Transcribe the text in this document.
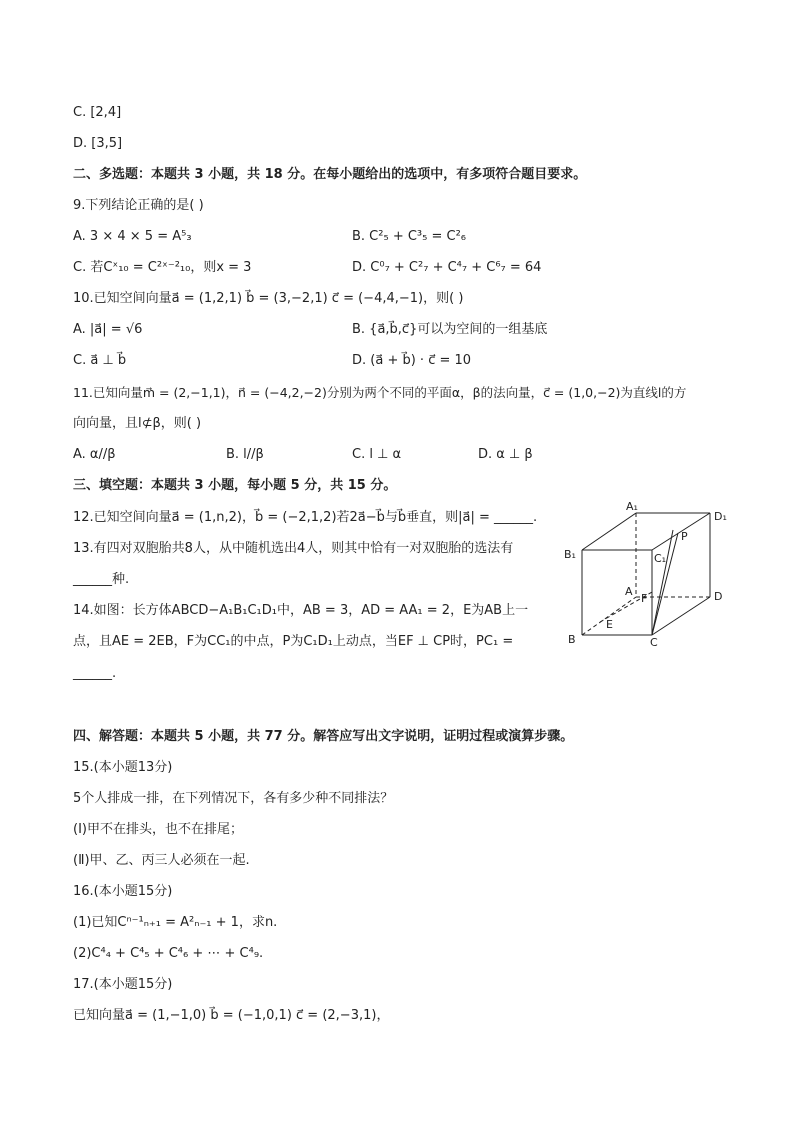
C. [2,4]
D. [3,5]
二、多选题：本题共 3 小题，共 18 分。在每小题给出的选项中，有多项符合题目要求。
9.下列结论正确的是( )
A. 3 × 4 × 5 = A⁵₃	B. C²₅ + C³₅ = C²₆
C. 若Cˣ₁₀ = C²ˣ⁻²₁₀，则x = 3	D. C⁰₇ + C²₇ + C⁴₇ + C⁶₇ = 64
10.已知空间向量a⃗ = (1,2,1) b⃗ = (3,−2,1) c⃗ = (−4,4,−1)，则( )
A. |a⃗| = √6	B. {a⃗,b⃗,c⃗}可以为空间的一组基底
C. a⃗ ⊥ b⃗	D. (a⃗ + b⃗) · c⃗ = 10
11.已知向量m⃗ = (2,−1,1)，n⃗ = (−4,2,−2)分别为两个不同的平面α，β的法向量，c⃗ = (1,0,−2)为直线l的方
向向量，且l⊄β，则( )
A. α//β	B. l//β	C. l ⊥ α	D. α ⊥ β
三、填空题：本题共 3 小题，每小题 5 分，共 15 分。
12.已知空间向量a⃗ = (1,n,2)，b⃗ = (−2,1,2)若2a⃗−b⃗与b⃗垂直，则|a⃗| = ______.
13.有四对双胞胎共8人，从中随机选出4人，则其中恰有一对双胞胎的选法有
______种.
14.如图：长方体ABCD−A₁B₁C₁D₁中，AB = 3，AD = AA₁ = 2，E为AB上一
点，且AE = 2EB，F为CC₁的中点，P为C₁D₁上动点，当EF ⊥ CP时，PC₁ =
______.
A₁
D₁
B₁	C₁
P
A
F	D
E
B	C
四、解答题：本题共 5 小题，共 77 分。解答应写出文字说明，证明过程或演算步骤。
15.(本小题13分)
5个人排成一排，在下列情况下，各有多少种不同排法？
(Ⅰ)甲不在排头，也不在排尾；
(Ⅱ)甲、乙、丙三人必须在一起.
16.(本小题15分)
(1)已知Cⁿ⁻¹ₙ₊₁ = A²ₙ₋₁ + 1，求n.
(2)C⁴₄ + C⁴₅ + C⁴₆ + ⋯ + C⁴₉.
17.(本小题15分)
已知向量a⃗ = (1,−1,0) b⃗ = (−1,0,1) c⃗ = (2,−3,1)，
